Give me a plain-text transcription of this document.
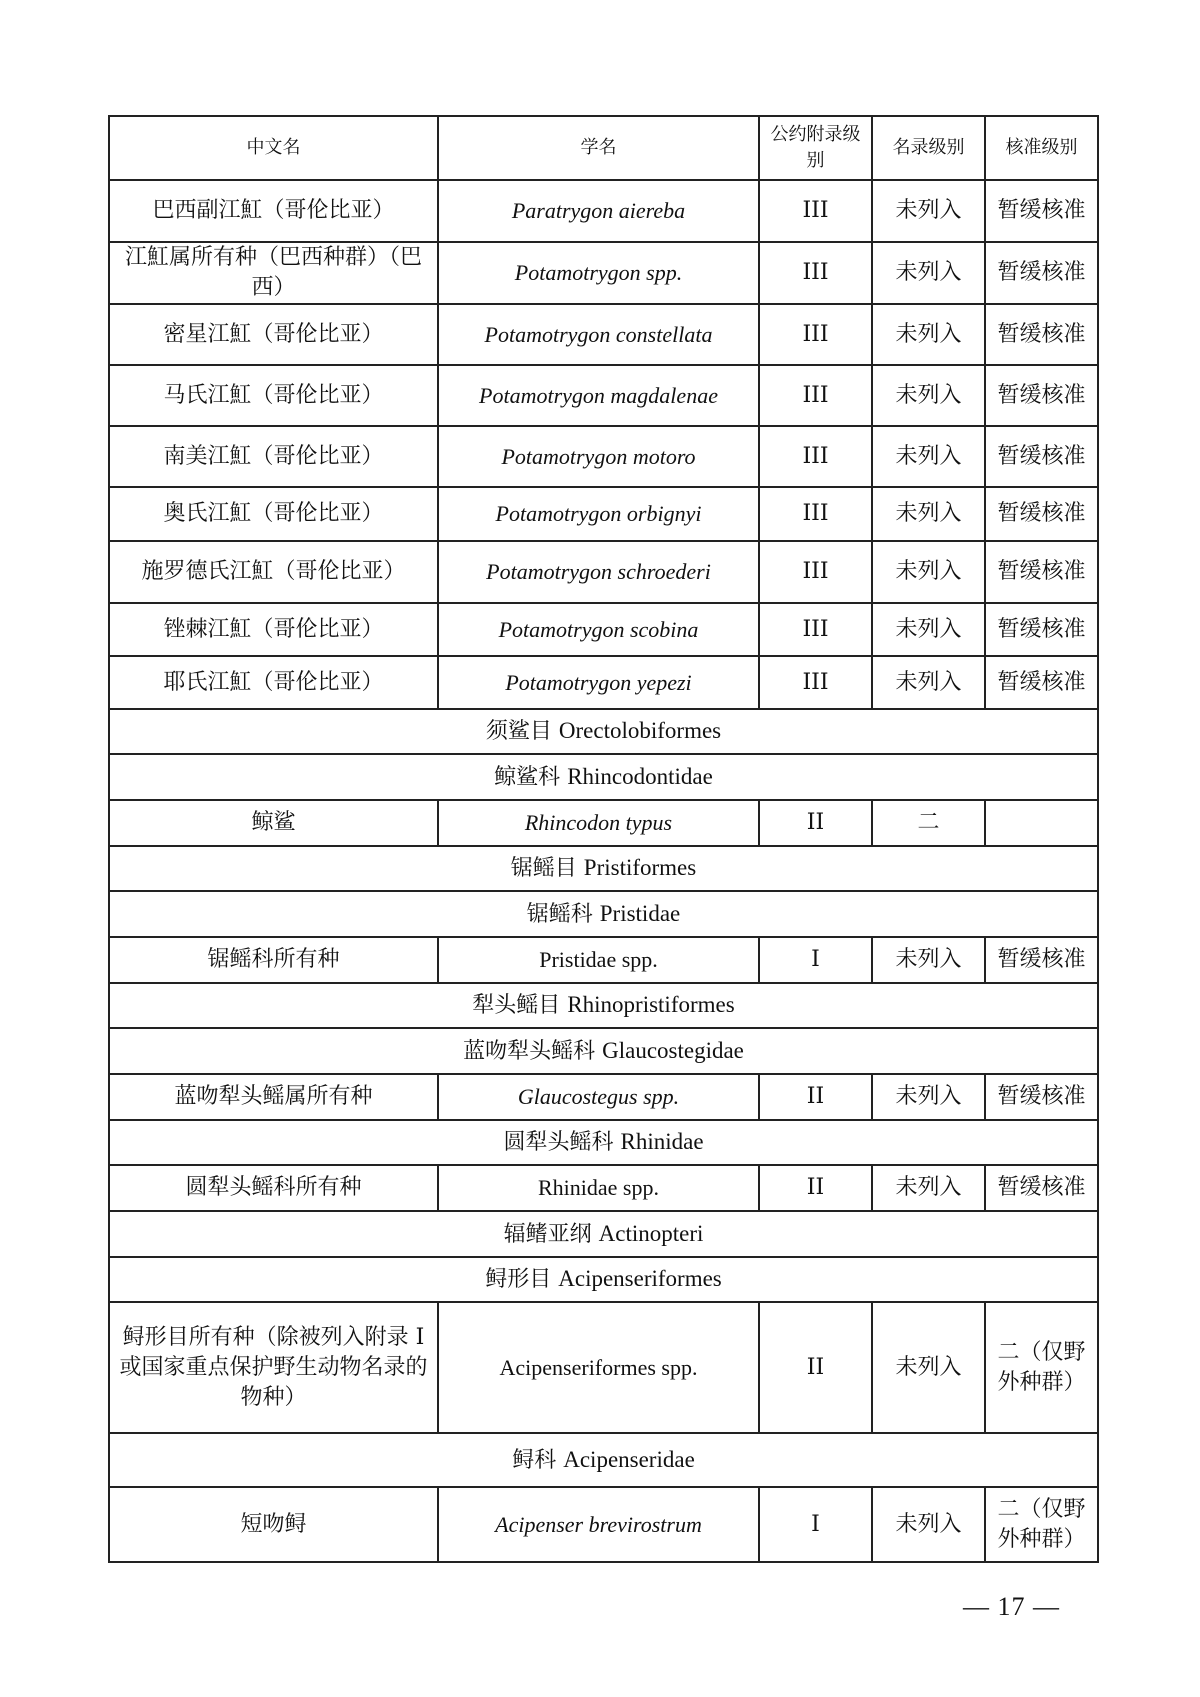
中文名	学名	公约附录级别	名录级别	核准级别
巴西副江魟（哥伦比亚）	Paratrygon aiereba	III	未列入	暂缓核准
江魟属所有种（巴西种群）（巴西）	Potamotrygon spp.	III	未列入	暂缓核准
密星江魟（哥伦比亚）	Potamotrygon constellata	III	未列入	暂缓核准
马氏江魟（哥伦比亚）	Potamotrygon magdalenae	III	未列入	暂缓核准
南美江魟（哥伦比亚）	Potamotrygon motoro	III	未列入	暂缓核准
奥氏江魟（哥伦比亚）	Potamotrygon orbignyi	III	未列入	暂缓核准
施罗德氏江魟（哥伦比亚）	Potamotrygon schroederi	III	未列入	暂缓核准
锉棘江魟（哥伦比亚）	Potamotrygon scobina	III	未列入	暂缓核准
耶氏江魟（哥伦比亚）	Potamotrygon yepezi	III	未列入	暂缓核准
须鲨目 Orectolobiformes				
鲸鲨科 Rhincodontidae				
鲸鲨	Rhincodon typus	II	二	
锯鳐目 Pristiformes				
锯鳐科 Pristidae				
锯鳐科所有种	Pristidae spp.	I	未列入	暂缓核准
犁头鳐目 Rhinopristiformes				
蓝吻犁头鳐科 Glaucostegidae				
蓝吻犁头鳐属所有种	Glaucostegus spp.	II	未列入	暂缓核准
圆犁头鳐科 Rhinidae				
圆犁头鳐科所有种	Rhinidae spp.	II	未列入	暂缓核准
辐鳍亚纲 Actinopteri				
鲟形目 Acipenseriformes				
鲟形目所有种（除被列入附录 I 或国家重点保护野生动物名录的物种）	Acipenseriformes spp.	II	未列入	二（仅野外种群）
鲟科 Acipenseridae				
短吻鲟	Acipenser brevirostrum	I	未列入	二（仅野外种群）
— 17 —
